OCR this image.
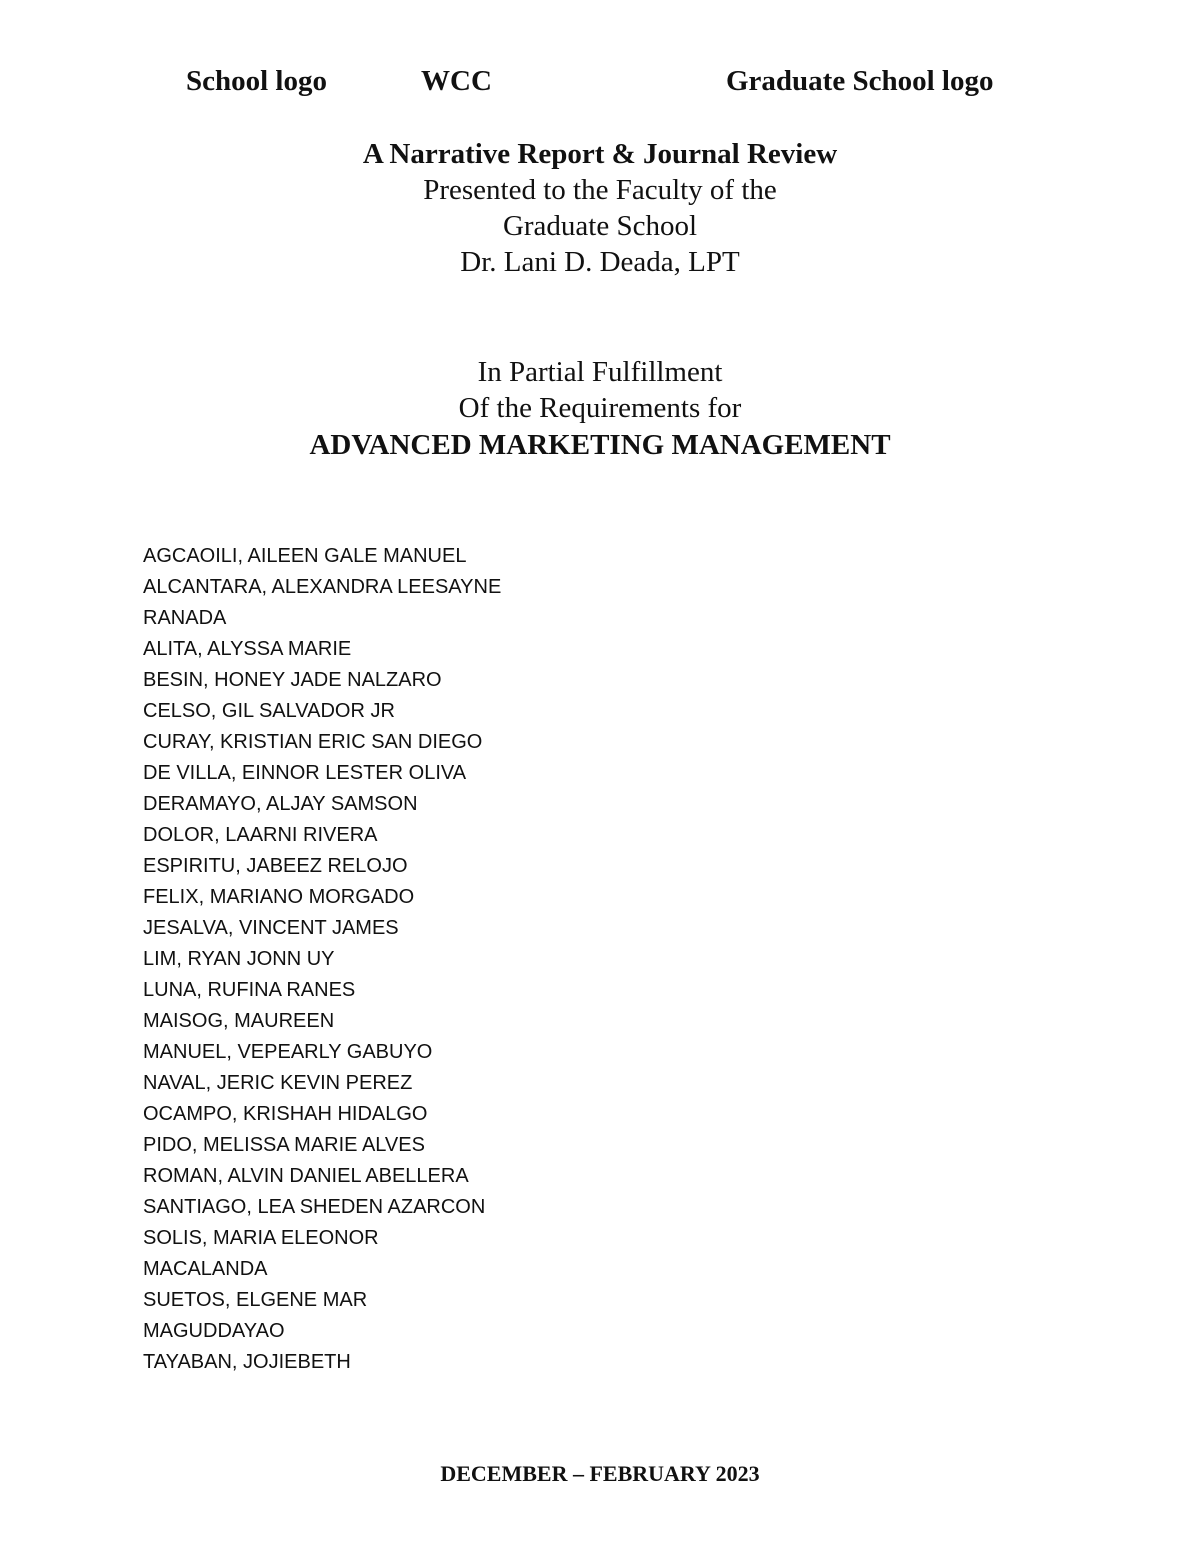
School logo	WCC	Graduate School logo
A Narrative Report & Journal Review
Presented to the Faculty of the
Graduate School
Dr. Lani D. Deada, LPT
In Partial Fulfillment
Of the Requirements for
ADVANCED MARKETING MANAGEMENT
AGCAOILI, AILEEN GALE MANUEL
ALCANTARA, ALEXANDRA LEESAYNE
RANADA
ALITA, ALYSSA MARIE
BESIN, HONEY JADE NALZARO
CELSO, GIL SALVADOR JR
CURAY, KRISTIAN ERIC SAN DIEGO
DE VILLA, EINNOR LESTER OLIVA
DERAMAYO, ALJAY SAMSON
DOLOR, LAARNI RIVERA
ESPIRITU, JABEEZ RELOJO
FELIX, MARIANO MORGADO
JESALVA, VINCENT JAMES
LIM, RYAN JONN UY
LUNA, RUFINA RANES
MAISOG, MAUREEN
MANUEL, VEPEARLY GABUYO
NAVAL, JERIC KEVIN PEREZ
OCAMPO, KRISHAH HIDALGO
PIDO, MELISSA MARIE ALVES
ROMAN, ALVIN DANIEL ABELLERA
SANTIAGO, LEA SHEDEN AZARCON
SOLIS, MARIA ELEONOR
MACALANDA
SUETOS, ELGENE MAR
MAGUDDAYAO
TAYABAN, JOJIEBETH
DECEMBER – FEBRUARY 2023
